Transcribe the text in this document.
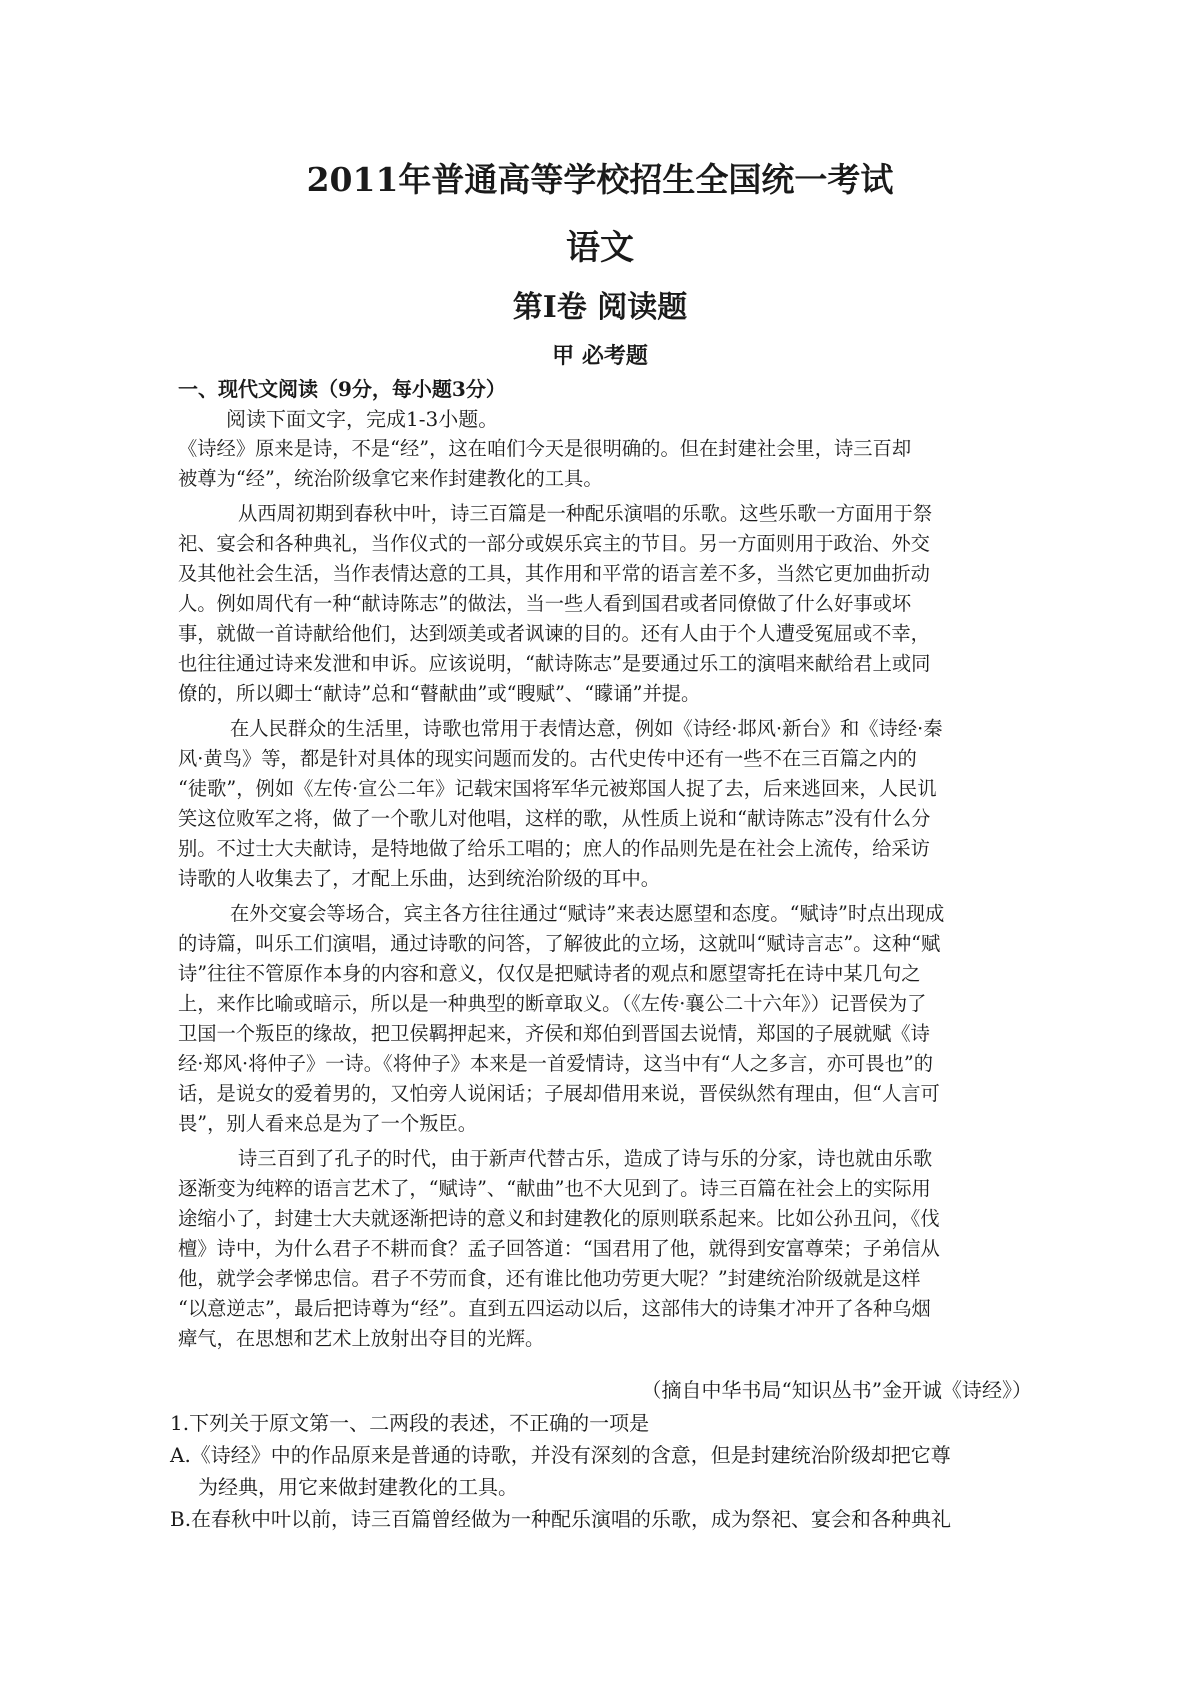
2011年普通高等学校招生全国统一考试
语文
第Ⅰ卷 阅读题
甲 必考题
一、现代文阅读（9分，每小题3分）
阅读下面文字，完成1-3小题。
《诗经》原来是诗，不是“经”，这在咱们今天是很明确的。但在封建社会里，诗三百却
被尊为“经”，统治阶级拿它来作封建教化的工具。
从西周初期到春秋中叶，诗三百篇是一种配乐演唱的乐歌。这些乐歌一方面用于祭
祀、宴会和各种典礼，当作仪式的一部分或娱乐宾主的节目。另一方面则用于政治、外交
及其他社会生活，当作表情达意的工具，其作用和平常的语言差不多，当然它更加曲折动
人。例如周代有一种“献诗陈志”的做法，当一些人看到国君或者同僚做了什么好事或坏
事，就做一首诗献给他们，达到颂美或者讽谏的目的。还有人由于个人遭受冤屈或不幸，
也往往通过诗来发泄和申诉。应该说明，“献诗陈志”是要通过乐工的演唱来献给君上或同
僚的，所以卿士“献诗”总和“瞽献曲”或“瞍赋”、“矇诵”并提。
在人民群众的生活里，诗歌也常用于表情达意，例如《诗经·邶风·新台》和《诗经·秦
风·黄鸟》等，都是针对具体的现实问题而发的。古代史传中还有一些不在三百篇之内的
“徒歌”，例如《左传·宣公二年》记载宋国将军华元被郑国人捉了去，后来逃回来，人民讥
笑这位败军之将，做了一个歌儿对他唱，这样的歌，从性质上说和“献诗陈志”没有什么分
别。不过士大夫献诗，是特地做了给乐工唱的；庶人的作品则先是在社会上流传，给采访
诗歌的人收集去了，才配上乐曲，达到统治阶级的耳中。
在外交宴会等场合，宾主各方往往通过“赋诗”来表达愿望和态度。“赋诗”时点出现成
的诗篇，叫乐工们演唱，通过诗歌的问答，了解彼此的立场，这就叫“赋诗言志”。这种“赋
诗”往往不管原作本身的内容和意义，仅仅是把赋诗者的观点和愿望寄托在诗中某几句之
上，来作比喻或暗示，所以是一种典型的断章取义。（《左传·襄公二十六年》）记晋侯为了
卫国一个叛臣的缘故，把卫侯羁押起来，齐侯和郑伯到晋国去说情，郑国的子展就赋《诗
经·郑风·将仲子》一诗。《将仲子》本来是一首爱情诗，这当中有“人之多言，亦可畏也”的
话，是说女的爱着男的，又怕旁人说闲话；子展却借用来说，晋侯纵然有理由，但“人言可
畏”，别人看来总是为了一个叛臣。
诗三百到了孔子的时代，由于新声代替古乐，造成了诗与乐的分家，诗也就由乐歌
逐渐变为纯粹的语言艺术了，“赋诗”、“献曲”也不大见到了。诗三百篇在社会上的实际用
途缩小了，封建士大夫就逐渐把诗的意义和封建教化的原则联系起来。比如公孙丑问，《伐
檀》诗中，为什么君子不耕而食？孟子回答道：“国君用了他，就得到安富尊荣；子弟信从
他，就学会孝悌忠信。君子不劳而食，还有谁比他功劳更大呢？”封建统治阶级就是这样
“以意逆志”，最后把诗尊为“经”。直到五四运动以后，这部伟大的诗集才冲开了各种乌烟
瘴气，在思想和艺术上放射出夺目的光辉。
（摘自中华书局“知识丛书”金开诚《诗经》）
1.下列关于原文第一、二两段的表述，不正确的一项是
A.《诗经》中的作品原来是普通的诗歌，并没有深刻的含意，但是封建统治阶级却把它尊
为经典，用它来做封建教化的工具。
B.在春秋中叶以前，诗三百篇曾经做为一种配乐演唱的乐歌，成为祭祀、宴会和各种典礼
